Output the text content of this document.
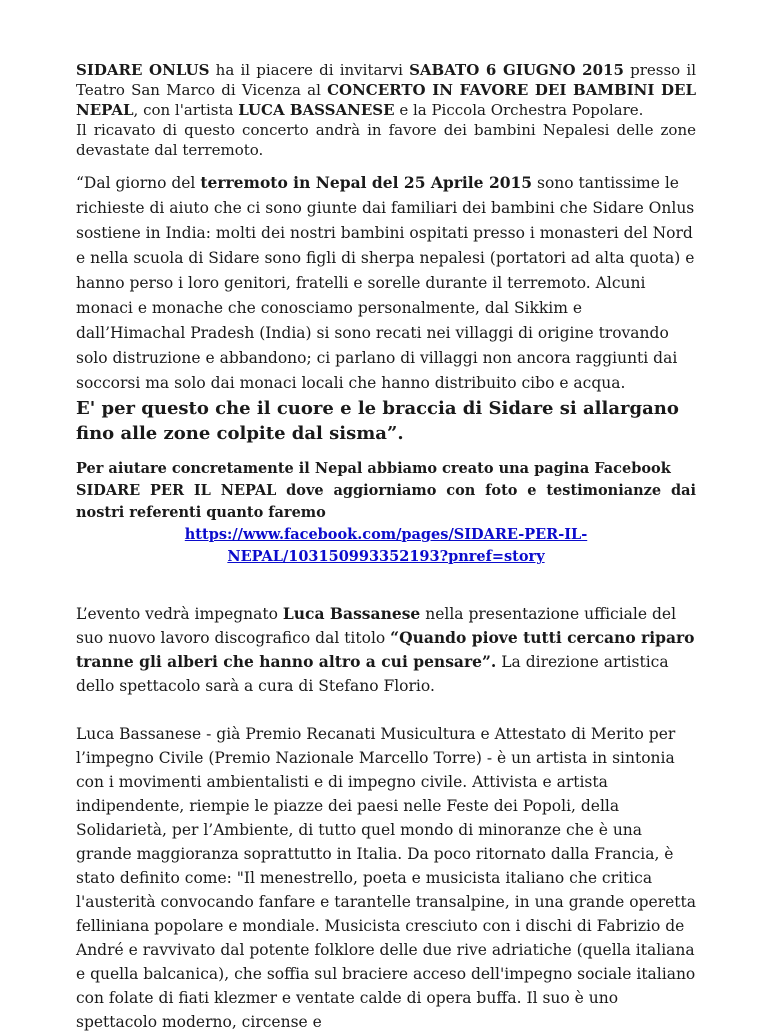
SIDARE ONLUS ha il piacere di invitarvi SABATO 6 GIUGNO 2015 presso il Teatro San Marco di Vicenza al CONCERTO IN FAVORE DEI BAMBINI DEL NEPAL, con l'artista LUCA BASSANESE e la Piccola Orchestra Popolare.
Il ricavato di questo concerto andrà in favore dei bambini Nepalesi delle zone devastate dal terremoto.

“Dal giorno del terremoto in Nepal del 25 Aprile 2015 sono tantissime le richieste di aiuto che ci sono giunte dai familiari dei bambini che Sidare Onlus sostiene in India: molti dei nostri bambini ospitati presso i monasteri del Nord e nella scuola di Sidare sono figli di sherpa nepalesi (portatori ad alta quota) e hanno perso i loro genitori, fratelli e sorelle durante il terremoto. Alcuni monaci e monache che conosciamo personalmente, dal Sikkim e dall’Himachal Pradesh (India) si sono recati nei villaggi di origine trovando solo distruzione e abbandono; ci parlano di villaggi non ancora raggiunti dai soccorsi ma solo dai monaci locali che hanno distribuito cibo e acqua.

E' per questo che il cuore e le braccia di Sidare si allargano fino alle zone colpite dal sisma”.

Per aiutare concretamente il Nepal abbiamo creato una pagina Facebook
SIDARE PER IL NEPAL dove aggiorniamo con foto e testimonianze dai nostri referenti quanto faremo

https://www.facebook.com/pages/SIDARE-PER-IL-
NEPAL/103150993352193?pnref=story

L’evento vedrà impegnato Luca Bassanese nella presentazione ufficiale del suo nuovo lavoro discografico dal titolo “Quando piove tutti cercano riparo tranne gli alberi che hanno altro a cui pensare”. La direzione artistica dello spettacolo sarà a cura di Stefano Florio.

Luca Bassanese - già Premio Recanati Musicultura e Attestato di Merito per l’impegno Civile (Premio Nazionale Marcello Torre) - è un artista in sintonia con i movimenti ambientalisti e di impegno civile. Attivista e artista indipendente, riempie le piazze dei paesi nelle Feste dei Popoli, della Solidarietà, per l’Ambiente, di tutto quel mondo di minoranze che è una grande maggioranza soprattutto in Italia. Da poco ritornato dalla Francia, è stato definito come: "Il menestrello, poeta e musicista italiano che critica l'austerità convocando fanfare e tarantelle transalpine, in una grande operetta felliniana popolare e mondiale. Musicista cresciuto con i dischi di Fabrizio de André e ravvivato dal potente folklore delle due rive adriatiche (quella italiana e quella balcanica), che soffia sul braciere acceso dell'impegno sociale italiano con folate di fiati klezmer e ventate calde di opera buffa. Il suo è uno spettacolo moderno, circense e
